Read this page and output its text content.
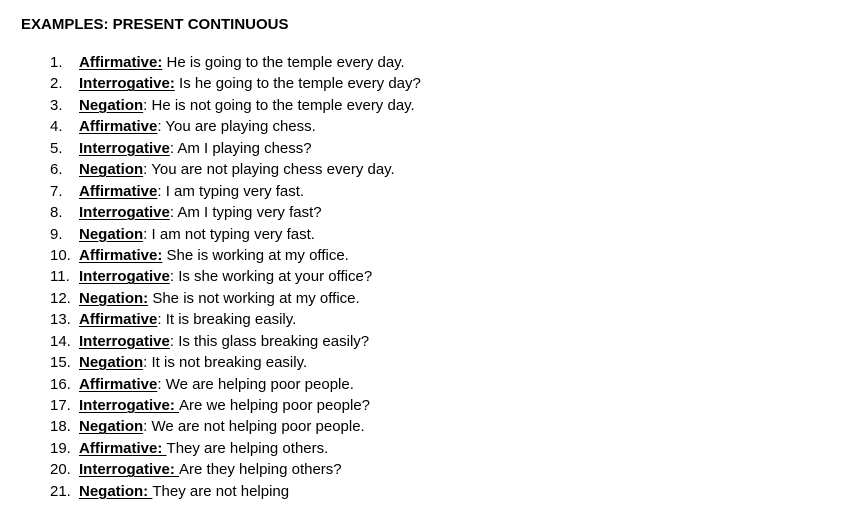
EXAMPLES: PRESENT CONTINUOUS
1. Affirmative: He is going to the temple every day.
2. Interrogative: Is he going to the temple every day?
3. Negation: He is not going to the temple every day.
4. Affirmative: You are playing chess.
5. Interrogative: Am I playing chess?
6. Negation: You are not playing chess every day.
7. Affirmative: I am typing very fast.
8. Interrogative: Am I typing very fast?
9. Negation: I am not typing very fast.
10. Affirmative: She is working at my office.
11. Interrogative: Is she working at your office?
12. Negation: She is not working at my office.
13. Affirmative: It is breaking easily.
14. Interrogative: Is this glass breaking easily?
15. Negation: It is not breaking easily.
16. Affirmative: We are helping poor people.
17. Interrogative: Are we helping poor people?
18. Negation: We are not helping poor people.
19. Affirmative: They are helping others.
20. Interrogative: Are they helping others?
21. Negation: They are not helping
